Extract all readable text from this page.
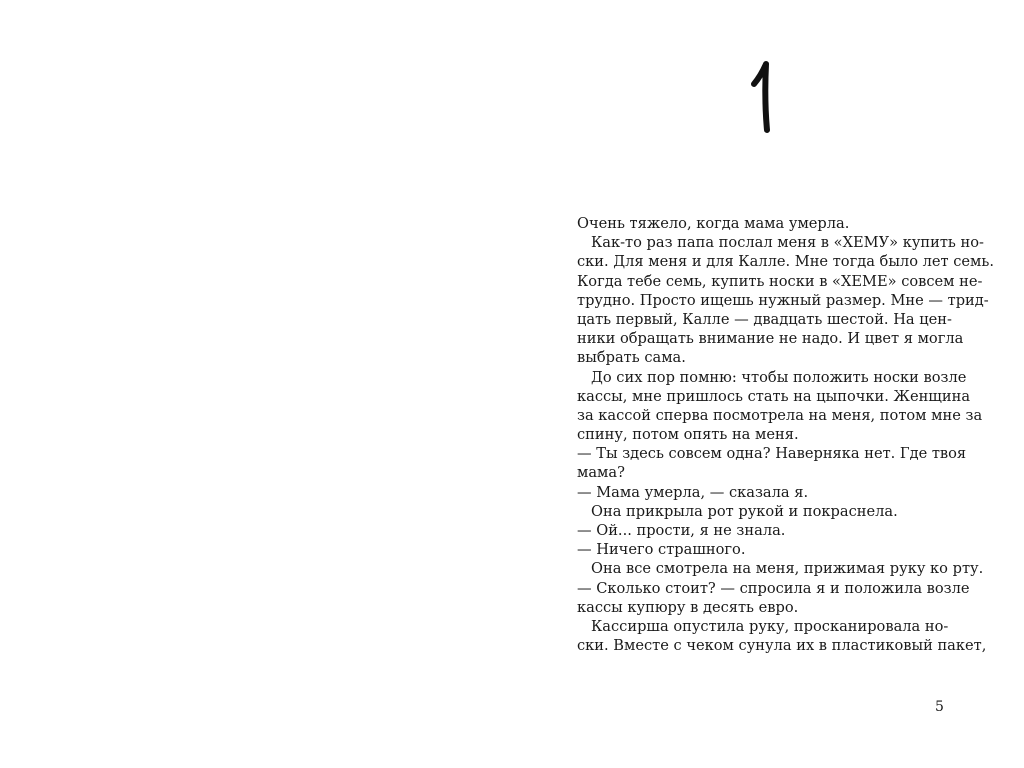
Очень тяжело, когда мама умерла.
Как-то раз папа послал меня в «ХЕМУ» купить но-
ски. Для меня и для Калле. Мне тогда было лет семь.
Когда тебе семь, купить носки в «ХЕМЕ» совсем не-
трудно. Просто ищешь нужный размер. Мне — трид-
цать первый, Калле — двадцать шестой. На цен-
ники обращать внимание не надо. И цвет я могла
выбрать сама.
До сих пор помню: чтобы положить носки возле
кассы, мне пришлось стать на цыпочки. Женщина
за кассой сперва посмотрела на меня, потом мне за
спину, потом опять на меня.
— Ты здесь совсем одна? Наверняка нет. Где твоя
мама?
— Мама умерла, — сказала я.
Она прикрыла рот рукой и покраснела.
— Ой... прости, я не знала.
— Ничего страшного.
Она все смотрела на меня, прижимая руку ко рту.
— Сколько стоит? — спросила я и положила возле
кассы купюру в десять евро.
Кассирша опустила руку, просканировала но-
ски. Вместе с чеком сунула их в пластиковый пакет,
5
